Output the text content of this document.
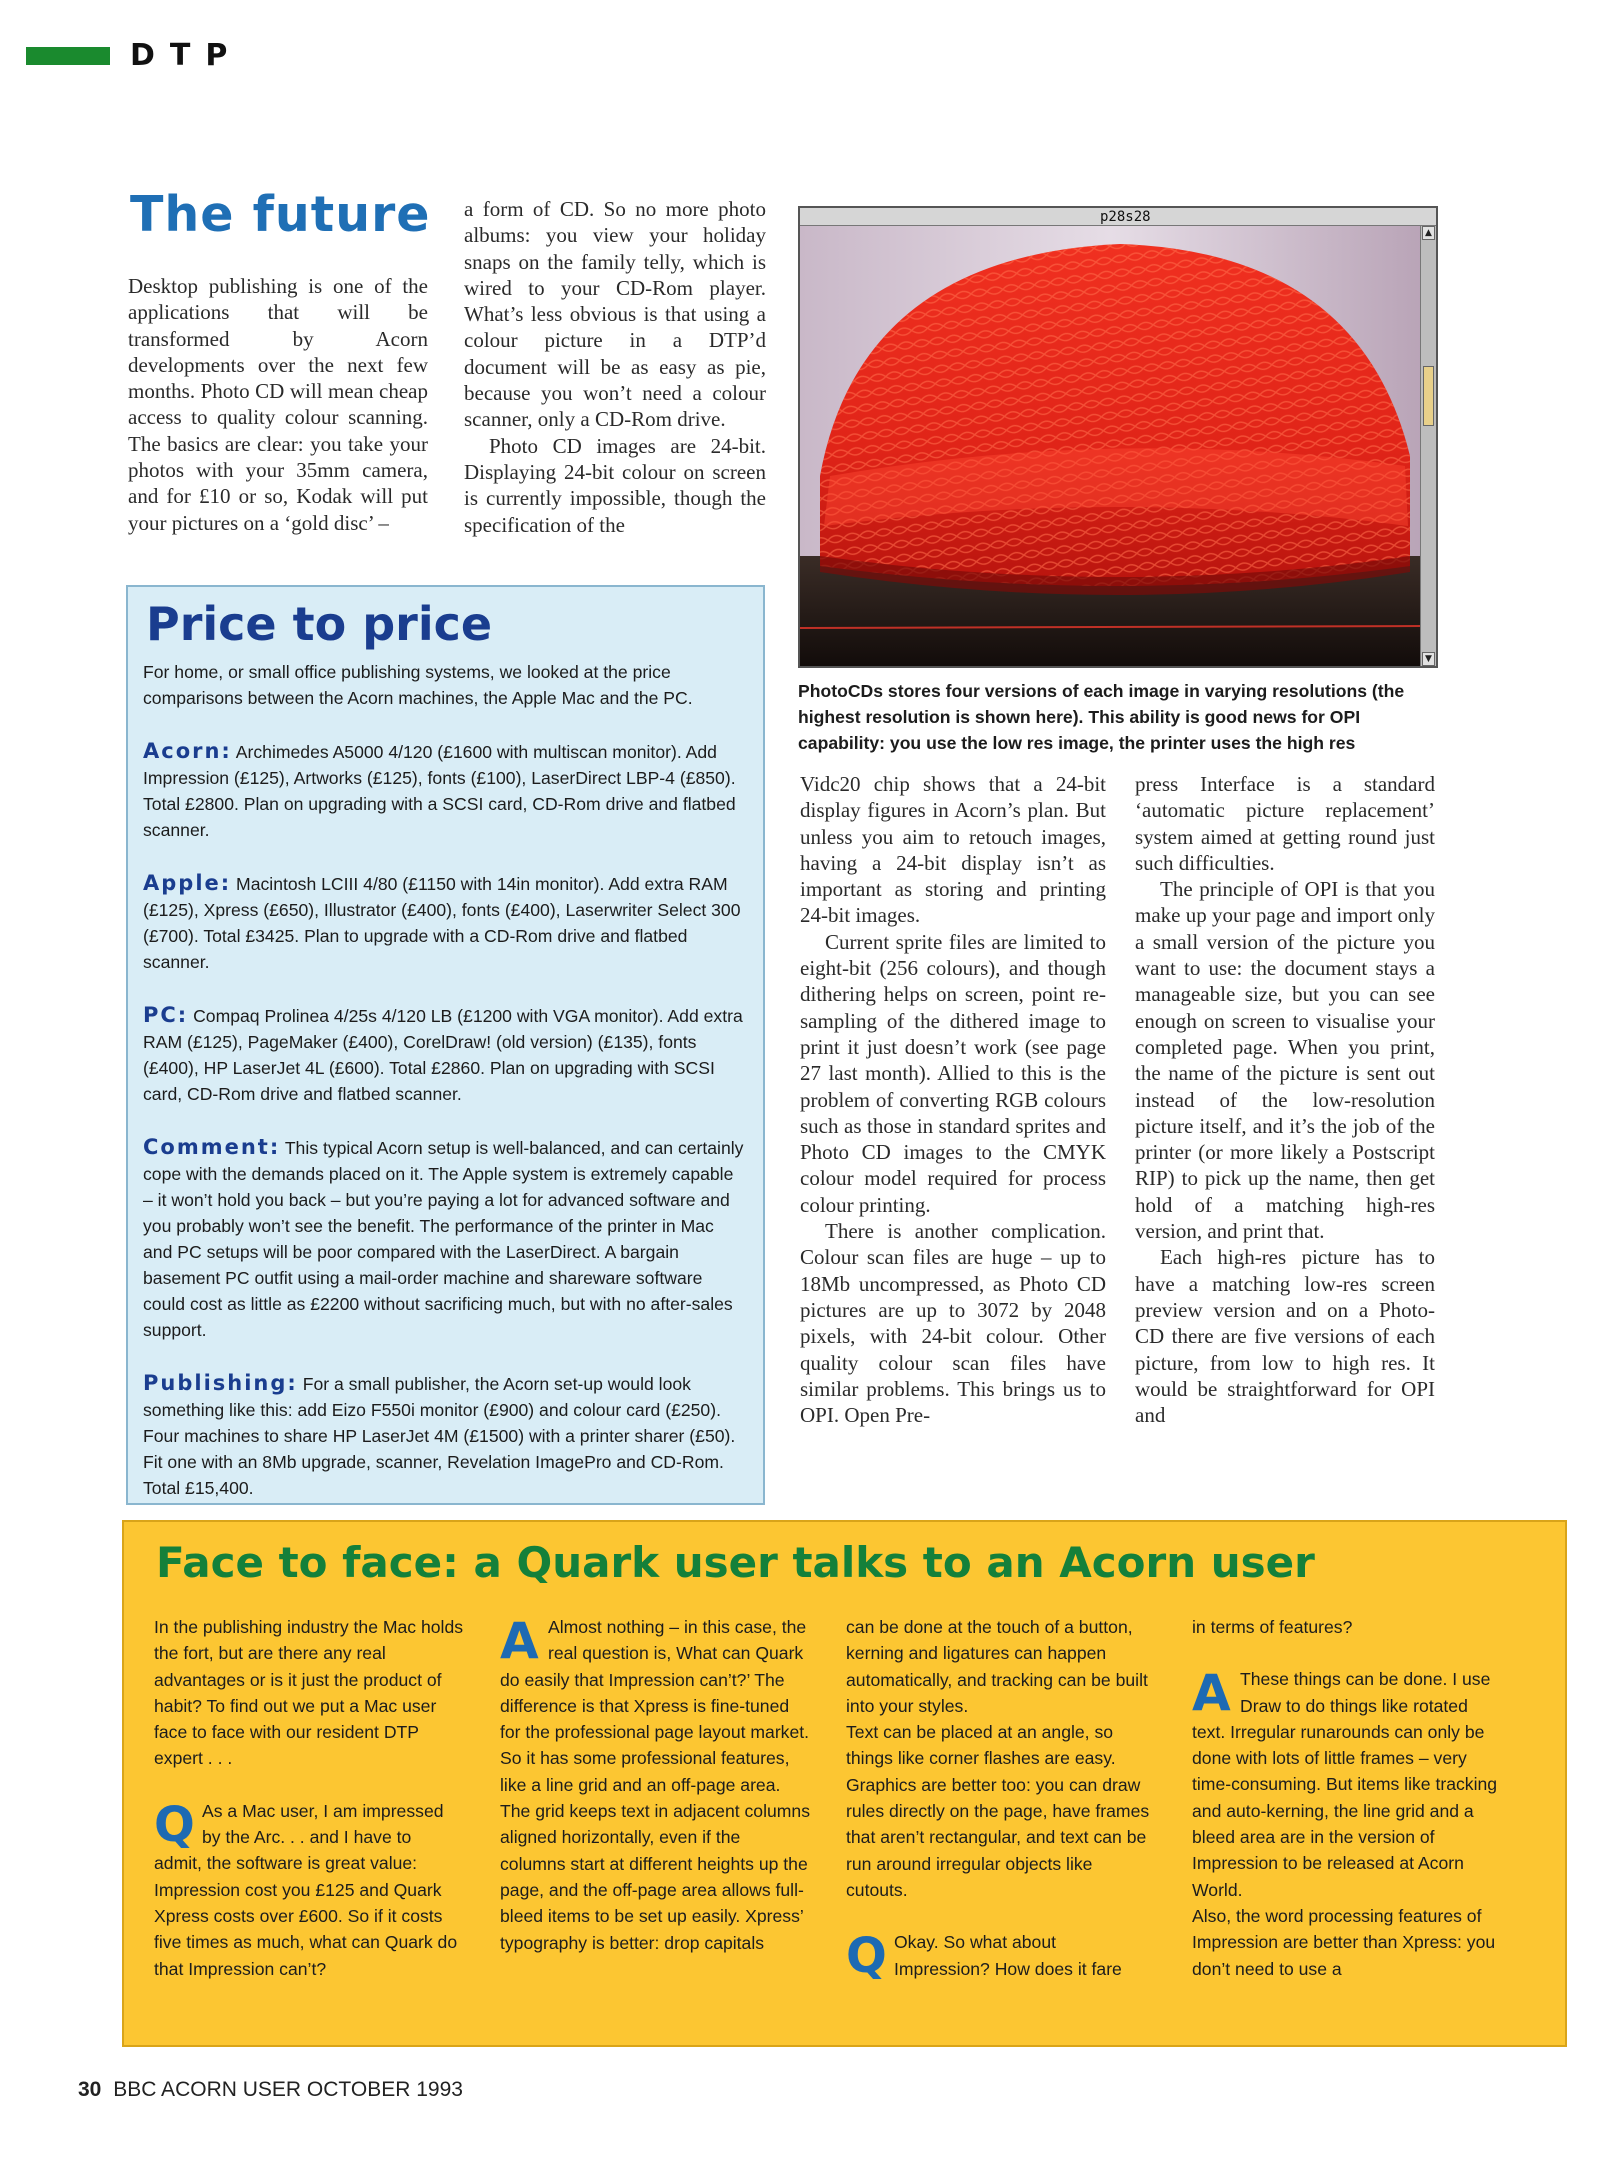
DTP
The future

Desktop publishing is one of the applications that will be transformed by Acorn developments over the next few months. Photo CD will mean cheap access to quality colour scanning. The basics are clear: you take your photos with your 35mm camera, and for £10 or so, Kodak will put your pictures on a ‘gold disc’ –

a form of CD. So no more photo albums: you view your holiday snaps on the family telly, which is wired to your CD-Rom player. What’s less obvious is that using a colour picture in a DTP’d document will be as easy as pie, because you won’t need a colour scanner, only a CD-Rom drive.

Photo CD images are 24-bit. Displaying 24-bit colour on screen is currently impossible, though the specification of the

Price to price

For home, or small office publishing systems, we looked at the price comparisons between the Acorn machines, the Apple Mac and the PC.

Acorn: Archimedes A5000 4/120 (£1600 with multiscan monitor). Add Impression (£125), Artworks (£125), fonts (£100), LaserDirect LBP-4 (£850). Total £2800. Plan on upgrading with a SCSI card, CD-Rom drive and flatbed scanner.

Apple: Macintosh LCIII 4/80 (£1150 with 14in monitor). Add extra RAM (£125), Xpress (£650), Illustrator (£400), fonts (£400), Laserwriter Select 300 (£700). Total £3425. Plan to upgrade with a CD-Rom drive and flatbed scanner.

PC: Compaq Prolinea 4/25s 4/120 LB (£1200 with VGA monitor). Add extra RAM (£125), PageMaker (£400), CorelDraw! (old version) (£135), fonts (£400), HP LaserJet 4L (£600). Total £2860. Plan on upgrading with SCSI card, CD-Rom drive and flatbed scanner.

Comment: This typical Acorn setup is well-balanced, and can certainly cope with the demands placed on it. The Apple system is extremely capable – it won’t hold you back – but you’re paying a lot for advanced software and you probably won’t see the benefit. The performance of the printer in Mac and PC setups will be poor compared with the LaserDirect. A bargain basement PC outfit using a mail-order machine and shareware software could cost as little as £2200 without sacrificing much, but with no after-sales support.

Publishing: For a small publisher, the Acorn set-up would look something like this: add Eizo F550i monitor (£900) and colour card (£250). Four machines to share HP LaserJet 4M (£1500) with a printer sharer (£50). Fit one with an 8Mb upgrade, scanner, Revelation ImagePro and CD-Rom. Total £15,400.

p28s28
▲
▼
PhotoCDs stores four versions of each image in varying resolutions (the highest resolution is shown here). This ability is good news for OPI capability: you use the low res image, the printer uses the high res

Vidc20 chip shows that a 24-bit display figures in Acorn’s plan. But unless you aim to retouch images, having a 24-bit display isn’t as important as storing and printing 24-bit images.

Current sprite files are limited to eight-bit (256 colours), and though dithering helps on screen, point re-sampling of the dithered image to print it just doesn’t work (see page 27 last month). Allied to this is the problem of converting RGB colours such as those in standard sprites and Photo CD images to the CMYK colour model required for process colour printing.

There is another complication. Colour scan files are huge – up to 18Mb uncompressed, as Photo CD pictures are up to 3072 by 2048 pixels, with 24-bit colour. Other quality colour scan files have similar problems. This brings us to OPI. Open Pre-

press Interface is a standard ‘automatic picture replacement’ system aimed at getting round just such difficulties.

The principle of OPI is that you make up your page and import only a small version of the picture you want to use: the document stays a manageable size, but you can see enough on screen to visualise your completed page. When you print, the name of the picture is sent out instead of the low-resolution picture itself, and it’s the job of the printer (or more likely a Postscript RIP) to pick up the name, then get hold of a matching high-res version, and print that.

Each high-res picture has to have a matching low-res screen preview version and on a Photo-CD there are five versions of each picture, from low to high res. It would be straightforward for OPI and

Face to face: a Quark user talks to an Acorn user

In the publishing industry the Mac holds the fort, but are there any real advantages or is it just the product of habit? To find out we put a Mac user face to face with our resident DTP expert . . .

Q As a Mac user, I am impressed by the Arc. . . and I have to admit, the software is great value: Impression cost you £125 and Quark Xpress costs over £600. So if it costs five times as much, what can Quark do that Impression can’t?

A Almost nothing – in this case, the real question is, What can Quark do easily that Impression can’t?’ The difference is that Xpress is fine-tuned for the professional page layout market. So it has some professional features, like a line grid and an off-page area.

The grid keeps text in adjacent columns aligned horizontally, even if the columns start at different heights up the page, and the off-page area allows full-bleed items to be set up easily. Xpress’ typography is better: drop capitals

can be done at the touch of a button, kerning and ligatures can happen automatically, and tracking can be built into your styles.

Text can be placed at an angle, so things like corner flashes are easy.

Graphics are better too: you can draw rules directly on the page, have frames that aren’t rectangular, and text can be run around irregular objects like cutouts.

Q Okay. So what about Impression? How does it fare

in terms of features?

A These things can be done. I use Draw to do things like rotated text. Irregular runarounds can only be done with lots of little frames – very time-consuming. But items like tracking and auto-kerning, the line grid and a bleed area are in the version of Impression to be released at Acorn World.

Also, the word processing features of Impression are better than Xpress: you don’t need to use a

30 BBC ACORN USER OCTOBER 1993
